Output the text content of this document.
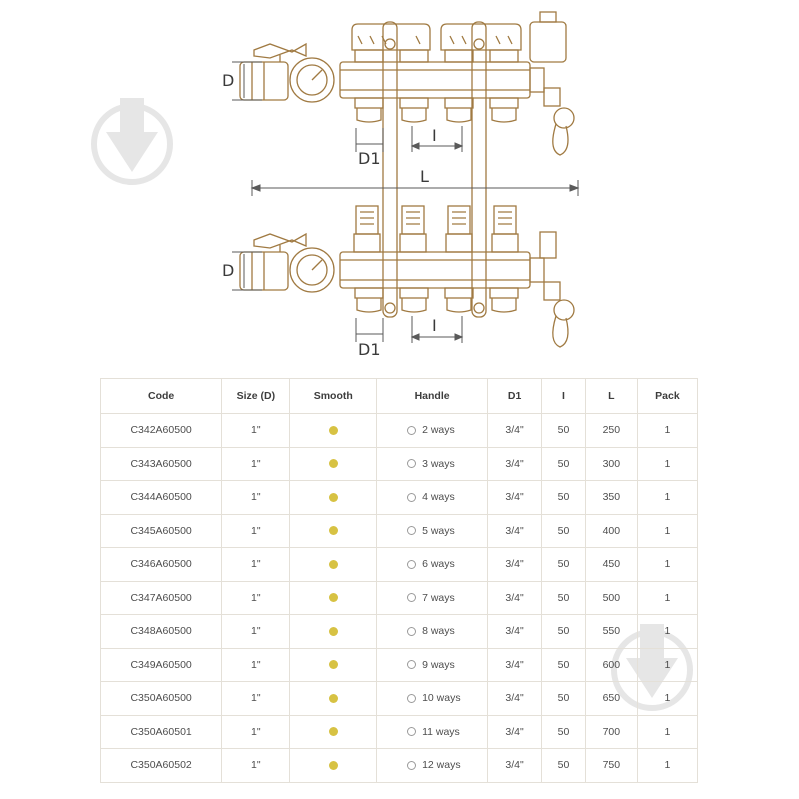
D
D
D1
D1
L
I
I
Code	Size (D)	Smooth	Handle	D1	I	L	Pack
C342A60500	1"		2 ways	3/4"	50	250	1
C343A60500	1"		3 ways	3/4"	50	300	1
C344A60500	1"		4 ways	3/4"	50	350	1
C345A60500	1"		5 ways	3/4"	50	400	1
C346A60500	1"		6 ways	3/4"	50	450	1
C347A60500	1"		7 ways	3/4"	50	500	1
C348A60500	1"		8 ways	3/4"	50	550	1
C349A60500	1"		9 ways	3/4"	50	600	1
C350A60500	1"		10 ways	3/4"	50	650	1
C350A60501	1"		11 ways	3/4"	50	700	1
C350A60502	1"		12 ways	3/4"	50	750	1
